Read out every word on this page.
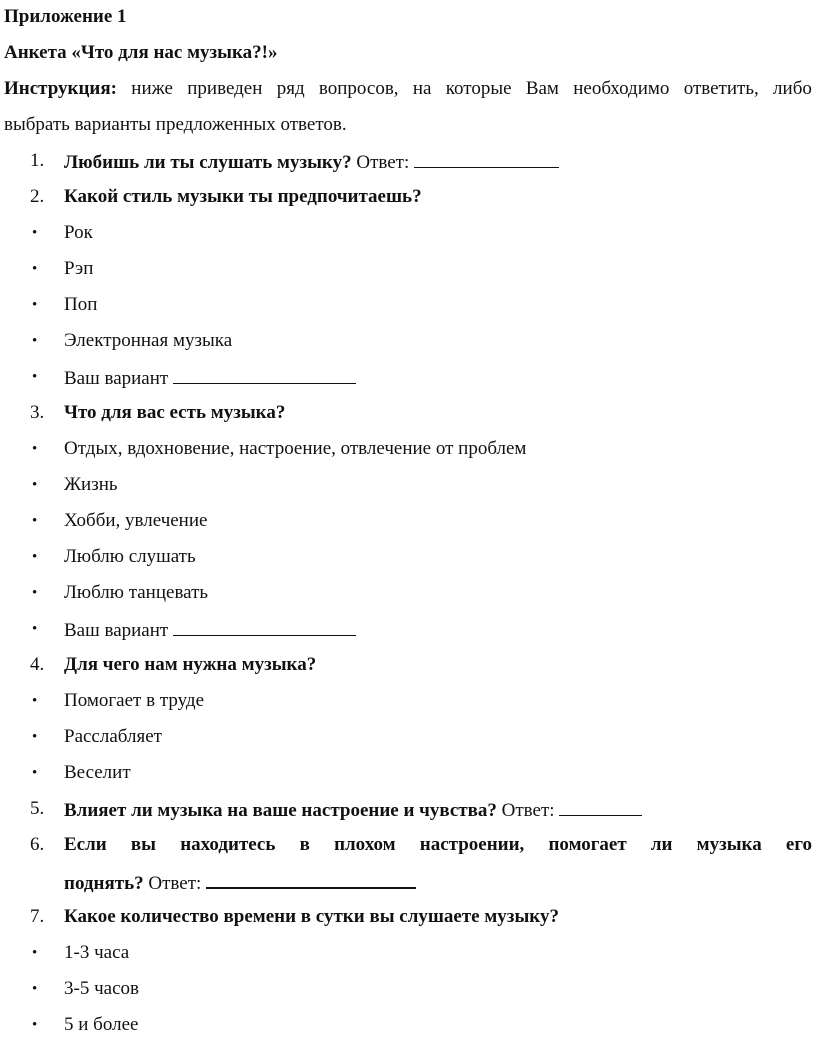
Приложение 1
Анкета «Что для нас музыка?!»
Инструкция: ниже приведен ряд вопросов, на которые Вам необходимо ответить, либо
выбрать варианты предложенных ответов.
1. Любишь ли ты слушать музыку? Ответ:
2. Какой стиль музыки ты предпочитаешь?
• Рок
• Рэп
• Поп
• Электронная музыка
• Ваш вариант
3. Что для вас есть музыка?
• Отдых, вдохновение, настроение, отвлечение от проблем
• Жизнь
• Хобби, увлечение
• Люблю слушать
• Люблю танцевать
• Ваш вариант
4. Для чего нам нужна музыка?
• Помогает в труде
• Расслабляет
• Веселит
5. Влияет ли музыка на ваше настроение и чувства? Ответ:
6. Если вы находитесь в плохом настроении, помогает ли музыка его
поднять? Ответ:
7. Какое количество времени в сутки вы слушаете музыку?
• 1-3 часа
• 3-5 часов
• 5 и более
